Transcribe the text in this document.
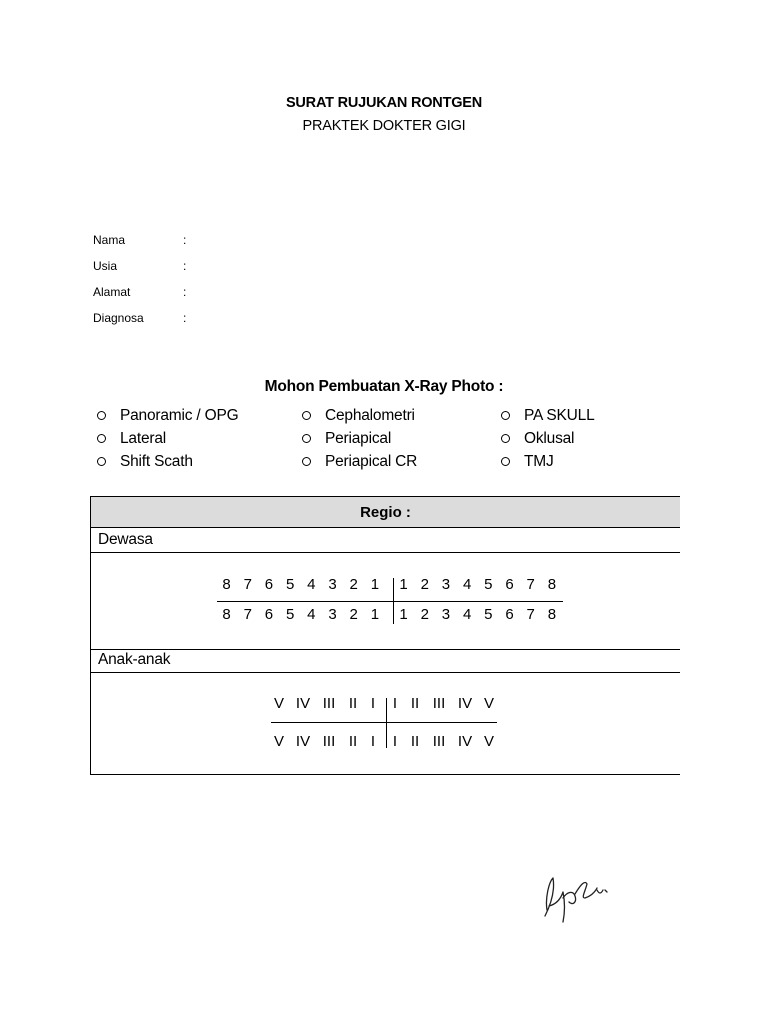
SURAT RUJUKAN RONTGEN
PRAKTEK DOKTER GIGI
Nama	:
Usia	:
Alamat	:
Diagnosa	:
Mohon Pembuatan X-Ray Photo :
Panoramic / OPG
Lateral
Shift Scath
Cephalometri
Periapical
Periapical CR
PA SKULL
Oklusal
TMJ
Regio :
Dewasa
8 7 6 5 4 3 2 1	1 2 3 4 5 6 7 8
8 7 6 5 4 3 2 1	1 2 3 4 5 6 7 8
Anak-anak
V IV III II I	I II III IV V
V IV III II I	I II III IV V
